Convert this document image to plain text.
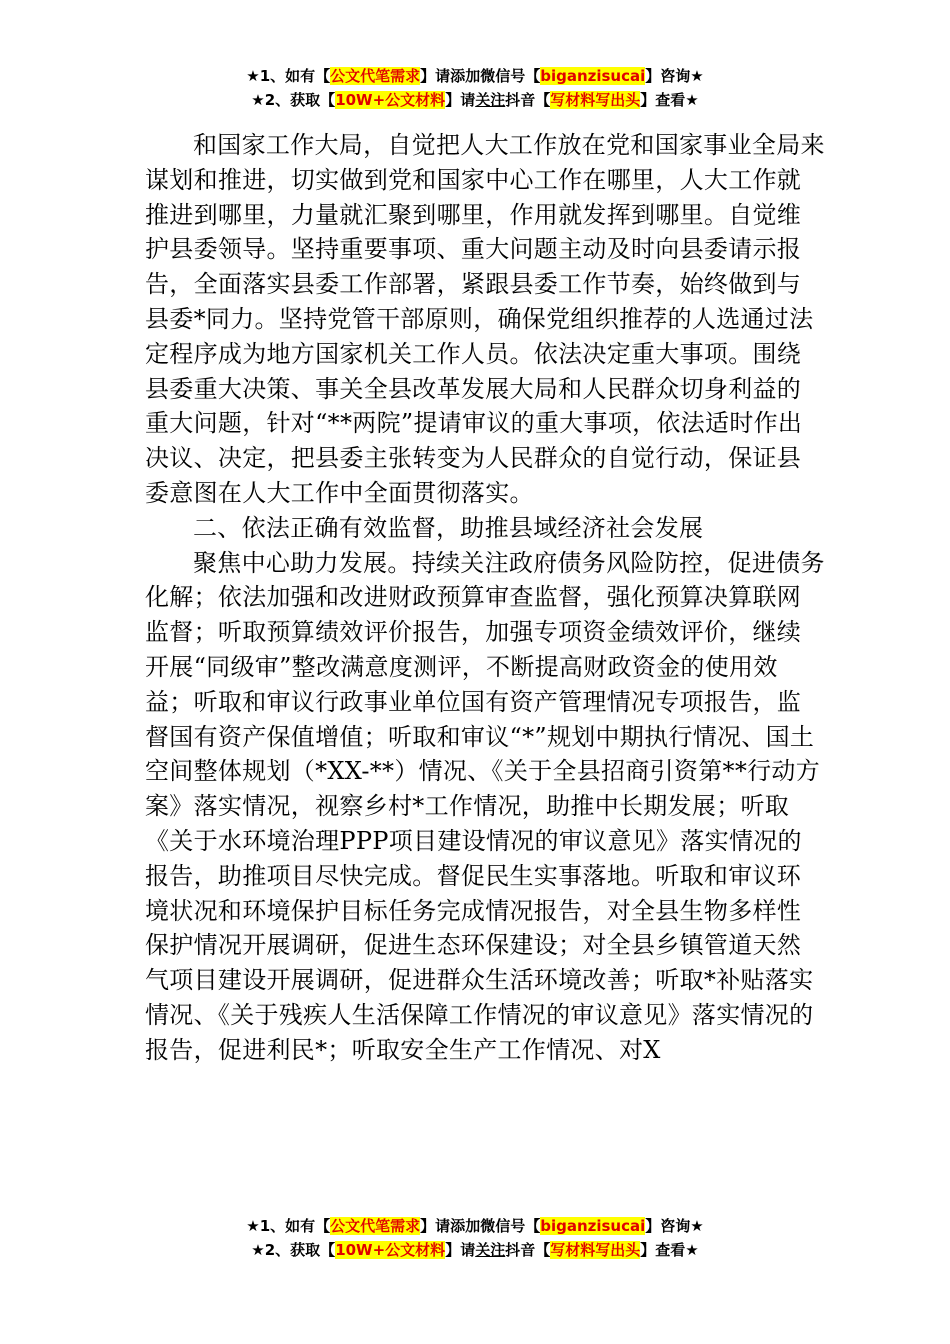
★1、如有【公文代笔需求】请添加微信号【biganzisucai】咨询★
★2、获取【10W+公文材料】请关注抖音【写材料写出头】查看★

和国家工作大局，自觉把人大工作放在党和国家事业全局来谋划和推进，切实做到党和国家中心工作在哪里，人大工作就推进到哪里，力量就汇聚到哪里，作用就发挥到哪里。自觉维护县委领导。坚持重要事项、重大问题主动及时向县委请示报告，全面落实县委工作部署，紧跟县委工作节奏，始终做到与县委*同力。坚持党管干部原则，确保党组织推荐的人选通过法定程序成为地方国家机关工作人员。依法决定重大事项。围绕县委重大决策、事关全县改革发展大局和人民群众切身利益的重大问题，针对“**两院”提请审议的重大事项，依法适时作出决议、决定，把县委主张转变为人民群众的自觉行动，保证县委意图在人大工作中全面贯彻落实。

二、依法正确有效监督，助推县域经济社会发展

聚焦中心助力发展。持续关注政府债务风险防控，促进债务化解；依法加强和改进财政预算审查监督，强化预算决算联网监督；听取预算绩效评价报告，加强专项资金绩效评价，继续开展“同级审”整改满意度测评，不断提高财政资金的使用效益；听取和审议行政事业单位国有资产管理情况专项报告，监督国有资产保值增值；听取和审议“*”规划中期执行情况、国土空间整体规划（*XX-**）情况、《关于全县招商引资第**行动方案》落实情况，视察乡村*工作情况，助推中长期发展；听取《关于水环境治理PPP项目建设情况的审议意见》落实情况的报告，助推项目尽快完成。督促民生实事落地。听取和审议环境状况和环境保护目标任务完成情况报告，对全县生物多样性保护情况开展调研，促进生态环保建设；对全县乡镇管道天然气项目建设开展调研，促进群众生活环境改善；听取*补贴落实情况、《关于残疾人生活保障工作情况的审议意见》落实情况的报告，促进利民*；听取安全生产工作情况、对X

★1、如有【公文代笔需求】请添加微信号【biganzisucai】咨询★
★2、获取【10W+公文材料】请关注抖音【写材料写出头】查看★
